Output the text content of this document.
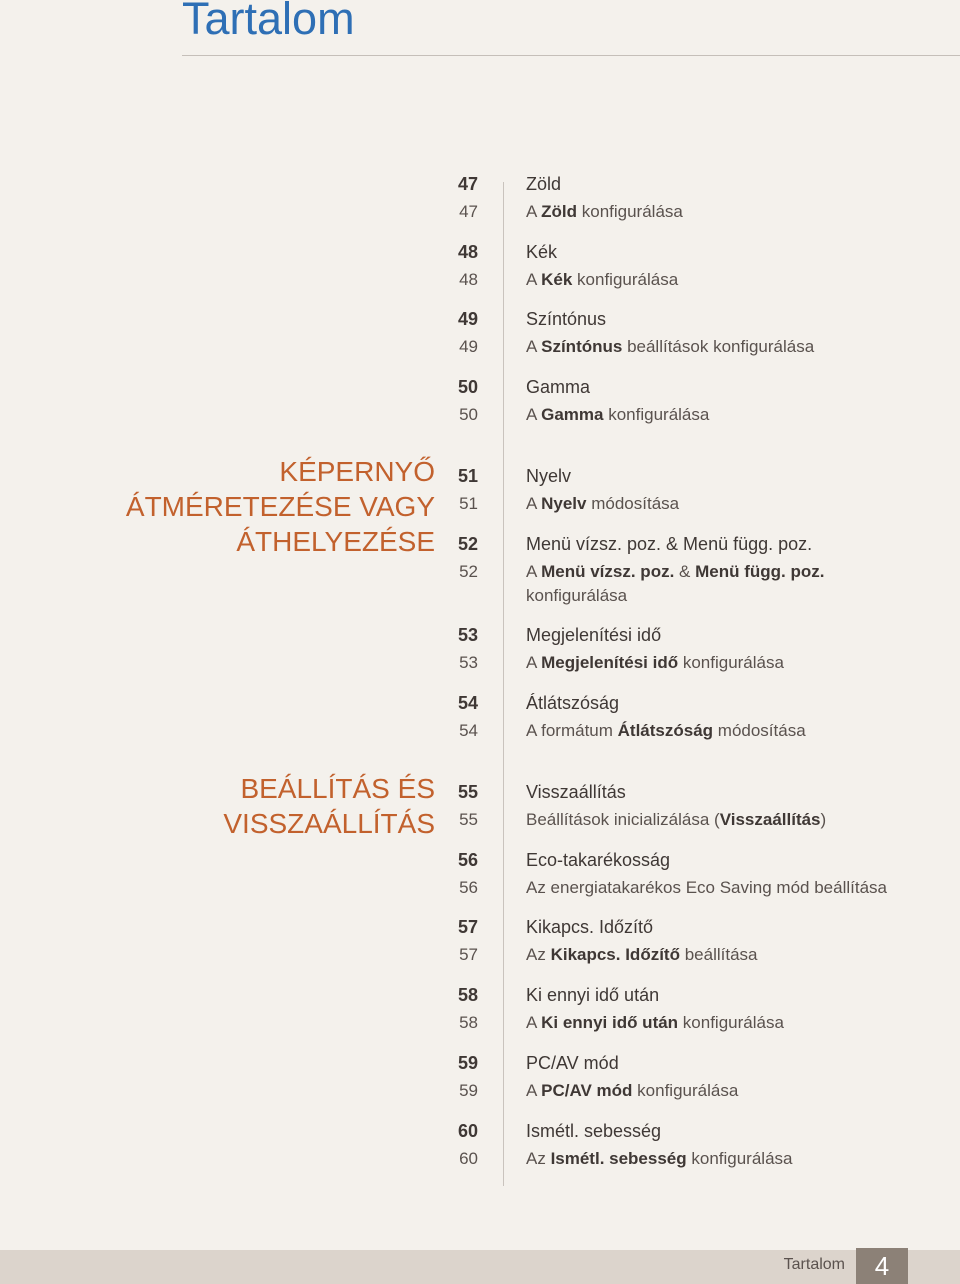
Tartalom
KÉPERNYŐ
ÁTMÉRETEZÉSE VAGY
ÁTHELYEZÉSE
BEÁLLÍTÁS ÉS
VISSZAÁLLÍTÁS
47	Zöld
47	A Zöld konfigurálása
48	Kék
48	A Kék konfigurálása
49	Színtónus
49	A Színtónus beállítások konfigurálása
50	Gamma
50	A Gamma konfigurálása
51	Nyelv
51	A Nyelv módosítása
52	Menü vízsz. poz. & Menü függ. poz.
52	A Menü vízsz. poz. & Menü függ. poz.
konfigurálása
53	Megjelenítési idő
53	A Megjelenítési idő konfigurálása
54	Átlátszóság
54	A formátum Átlátszóság módosítása
55	Visszaállítás
55	Beállítások inicializálása (Visszaállítás)
56	Eco-takarékosság
56	Az energiatakarékos Eco Saving mód beállítása
57	Kikapcs. Időzítő
57	Az Kikapcs. Időzítő beállítása
58	Ki ennyi idő után
58	A Ki ennyi idő után konfigurálása
59	PC/AV mód
59	A PC/AV mód konfigurálása
60	Ismétl. sebesség
60	Az Ismétl. sebesség konfigurálása
Tartalom	4
